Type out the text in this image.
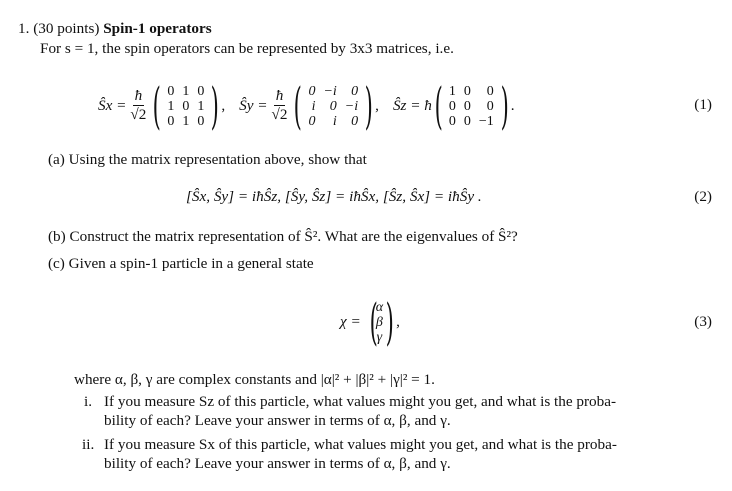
1. (30 points) Spin-1 operators
For s = 1, the spin operators can be represented by 3x3 matrices, i.e.
Ŝx = $\frac{ħ}{√2}$ ( 0 1 0
1 0 1
0 1 0 ) , Ŝy = $\frac{ħ}{√2}$ ( 0 −i	0
i	0 −i
0	i	0 ) , Ŝz = ħ ( 1 0	0
0 0	0
0 0 −1 ) .	(1)
(a) Using the matrix representation above, show that
[Ŝx, Ŝy] = iħŜz, [Ŝy, Ŝz] = iħŜx, [Ŝz, Ŝx] = iħŜy .	(2)
(b) Construct the matrix representation of Ŝ². What are the eigenvalues of Ŝ²?
(c) Given a spin-1 particle in a general state
χ = (
α
β
γ ) ,	(3)
where α, β, γ are complex constants and |α|² + |β|² + |γ|² = 1.
i. If you measure Sz of this particle, what values might you get, and what is the proba-
bility of each? Leave your answer in terms of α, β, and γ.
ii. If you measure Sx of this particle, what values might you get, and what is the proba-
bility of each? Leave your answer in terms of α, β, and γ.
